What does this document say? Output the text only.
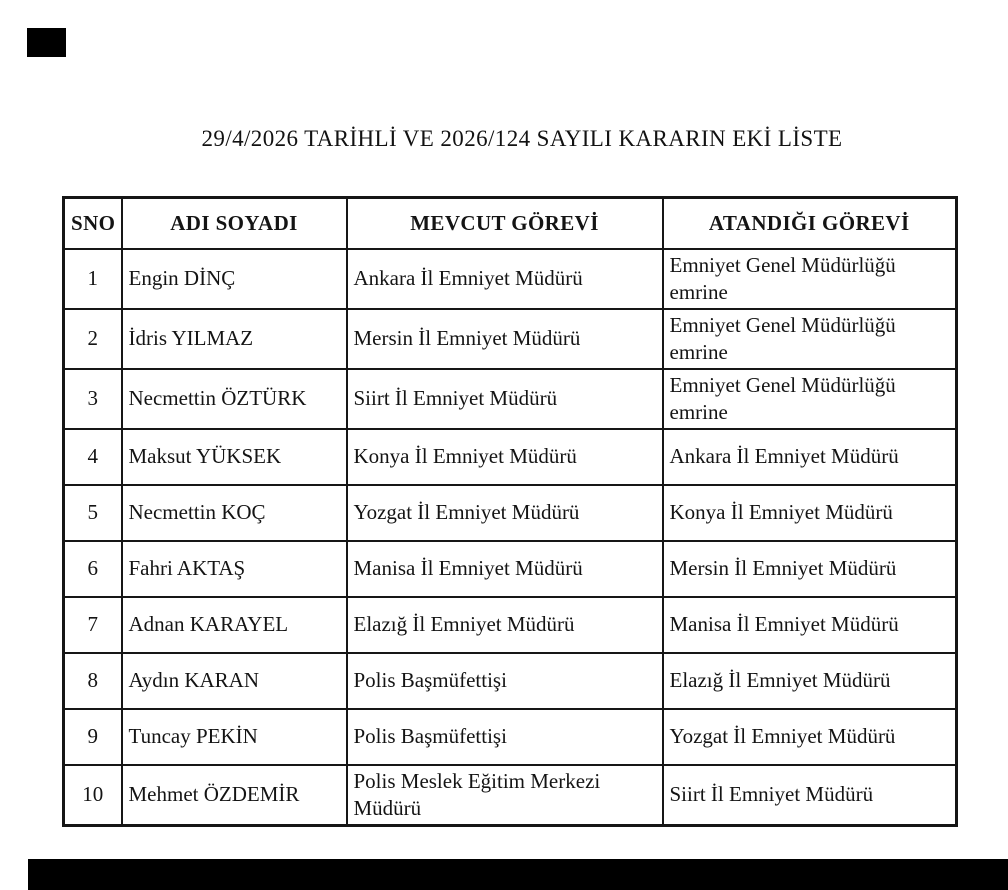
29/4/2026 TARİHLİ VE 2026/124 SAYILI KARARIN EKİ LİSTE
SNO	ADI SOYADI	MEVCUT GÖREVİ	ATANDIĞI GÖREVİ
1	Engin DİNÇ	Ankara İl Emniyet Müdürü	Emniyet Genel Müdürlüğü emrine
2	İdris YILMAZ	Mersin İl Emniyet Müdürü	Emniyet Genel Müdürlüğü emrine
3	Necmettin ÖZTÜRK	Siirt İl Emniyet Müdürü	Emniyet Genel Müdürlüğü emrine
4	Maksut YÜKSEK	Konya İl Emniyet Müdürü	Ankara İl Emniyet Müdürü
5	Necmettin KOÇ	Yozgat İl Emniyet Müdürü	Konya İl Emniyet Müdürü
6	Fahri AKTAŞ	Manisa İl Emniyet Müdürü	Mersin İl Emniyet Müdürü
7	Adnan KARAYEL	Elazığ İl Emniyet Müdürü	Manisa İl Emniyet Müdürü
8	Aydın KARAN	Polis Başmüfettişi	Elazığ İl Emniyet Müdürü
9	Tuncay PEKİN	Polis Başmüfettişi	Yozgat İl Emniyet Müdürü
10	Mehmet ÖZDEMİR	Polis Meslek Eğitim Merkezi Müdürü	Siirt İl Emniyet Müdürü
